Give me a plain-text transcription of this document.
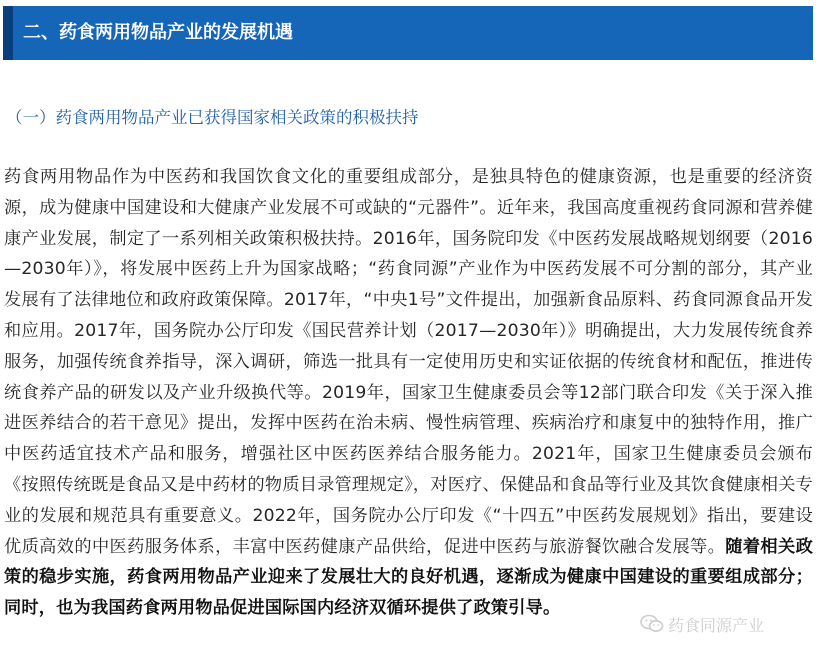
二、药食两用物品产业的发展机遇
（一）药食两用物品产业已获得国家相关政策的积极扶持
药食两用物品作为中医药和我国饮食文化的重要组成部分，是独具特色的健康资源，也是重要的经济资源，成为健康中国建设和大健康产业发展不可或缺的“元器件”。近年来，我国高度重视药食同源和营养健康产业发展，制定了一系列相关政策积极扶持。2016年，国务院印发《中医药发展战略规划纲要（2016—2030年）》，将发展中医药上升为国家战略；“药食同源”产业作为中医药发展不可分割的部分，其产业发展有了法律地位和政府政策保障。2017年，“中央1号”文件提出，加强新食品原料、药食同源食品开发和应用。2017年，国务院办公厅印发《国民营养计划（2017—2030年）》明确提出，大力发展传统食养服务，加强传统食养指导，深入调研，筛选一批具有一定使用历史和实证依据的传统食材和配伍，推进传统食养产品的研发以及产业升级换代等。2019年，国家卫生健康委员会等12部门联合印发《关于深入推进医养结合的若干意见》提出，发挥中医药在治未病、慢性病管理、疾病治疗和康复中的独特作用，推广中医药适宜技术产品和服务，增强社区中医药医养结合服务能力。2021年，国家卫生健康委员会颁布《按照传统既是食品又是中药材的物质目录管理规定》，对医疗、保健品和食品等行业及其饮食健康相关专业的发展和规范具有重要意义。2022年，国务院办公厅印发《“十四五”中医药发展规划》指出，要建设优质高效的中医药服务体系，丰富中医药健康产品供给，促进中医药与旅游餐饮融合发展等。随着相关政策的稳步实施，药食两用物品产业迎来了发展壮大的良好机遇，逐渐成为健康中国建设的重要组成部分；同时，也为我国药食两用物品促进国际国内经济双循环提供了政策引导。
药食同源产业
